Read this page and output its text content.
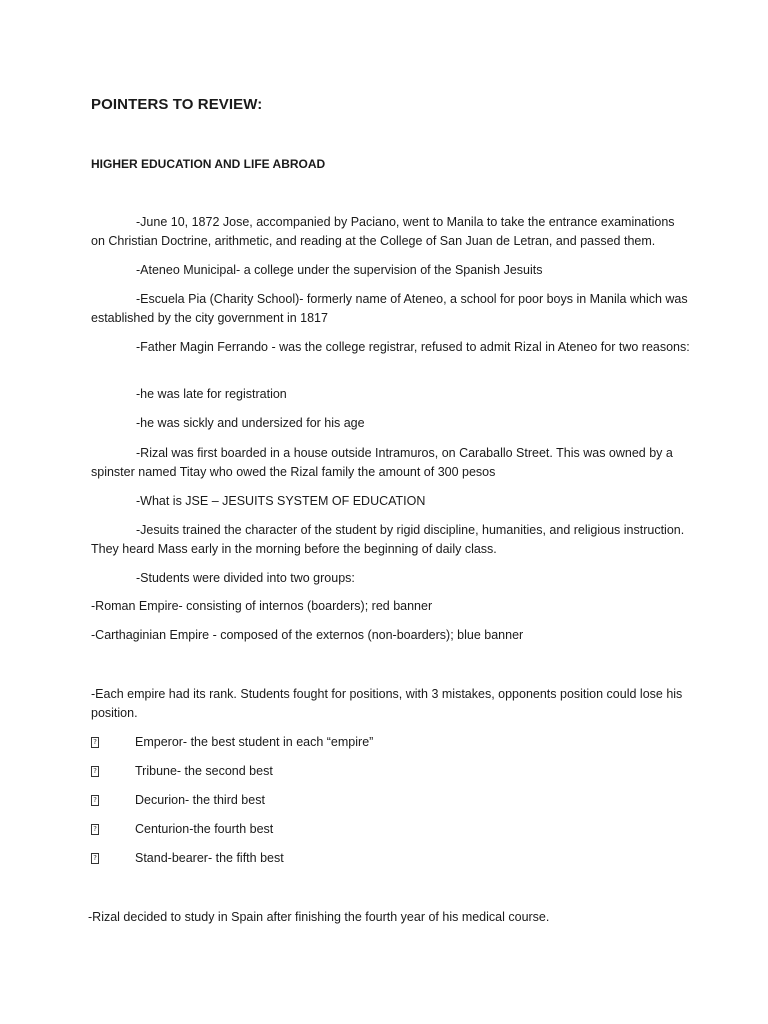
POINTERS TO REVIEW:
HIGHER EDUCATION AND LIFE ABROAD

-June 10, 1872 Jose, accompanied by Paciano, went to Manila to take the entrance examinations on Christian Doctrine, arithmetic, and reading at the College of San Juan de Letran, and passed them.

-Ateneo Municipal- a college under the supervision of the Spanish Jesuits

-Escuela Pia (Charity School)- formerly name of Ateneo, a school for poor boys in Manila which was established by the city government in 1817

-Father Magin Ferrando - was the college registrar, refused to admit Rizal in Ateneo for two reasons:

-he was late for registration

-he was sickly and undersized for his age

-Rizal was first boarded in a house outside Intramuros, on Caraballo Street. This was owned by a spinster named Titay who owed the Rizal family the amount of 300 pesos

-What is JSE – JESUITS SYSTEM OF EDUCATION

-Jesuits trained the character of the student by rigid discipline, humanities, and religious instruction. They heard Mass early in the morning before the beginning of daily class.

-Students were divided into two groups:

-Roman Empire- consisting of internos (boarders); red banner

-Carthaginian Empire - composed of the externos (non-boarders); blue banner

-Each empire had its rank. Students fought for positions, with 3 mistakes, opponents position could lose his position.

?	Emperor- the best student in each “empire”
?	Tribune- the second best
?	Decurion- the third best
?	Centurion-the fourth best
?	Stand-bearer- the fifth best

-Rizal decided to study in Spain after finishing the fourth year of his medical course.
